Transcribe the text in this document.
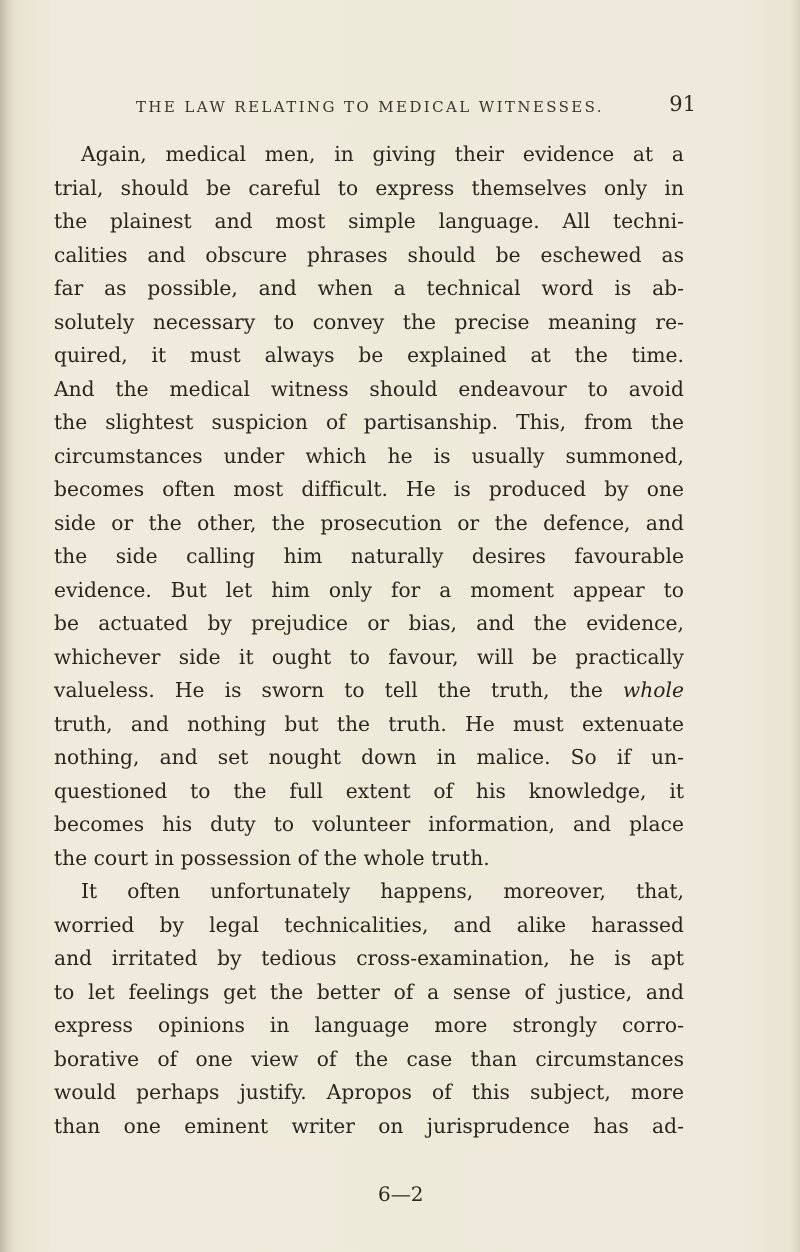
THE LAW RELATING TO MEDICAL WITNESSES.	91
Again, medical men, in giving their evidence at a
trial, should be careful to express themselves only in
the plainest and most simple language. All techni-
calities and obscure phrases should be eschewed as
far as possible, and when a technical word is ab-
solutely necessary to convey the precise meaning re-
quired, it must always be explained at the time.
And the medical witness should endeavour to avoid
the slightest suspicion of partisanship. This, from the
circumstances under which he is usually summoned,
becomes often most difficult. He is produced by one
side or the other, the prosecution or the defence, and
the side calling him naturally desires favourable
evidence. But let him only for a moment appear to
be actuated by prejudice or bias, and the evidence,
whichever side it ought to favour, will be practically
valueless. He is sworn to tell the truth, the whole
truth, and nothing but the truth. He must extenuate
nothing, and set nought down in malice. So if un-
questioned to the full extent of his knowledge, it
becomes his duty to volunteer information, and place
the court in possession of the whole truth.
It often unfortunately happens, moreover, that,
worried by legal technicalities, and alike harassed
and irritated by tedious cross-examination, he is apt
to let feelings get the better of a sense of justice, and
express opinions in language more strongly corro-
borative of one view of the case than circumstances
would perhaps justify. Apropos of this subject, more
than one eminent writer on jurisprudence has ad-
6—2
